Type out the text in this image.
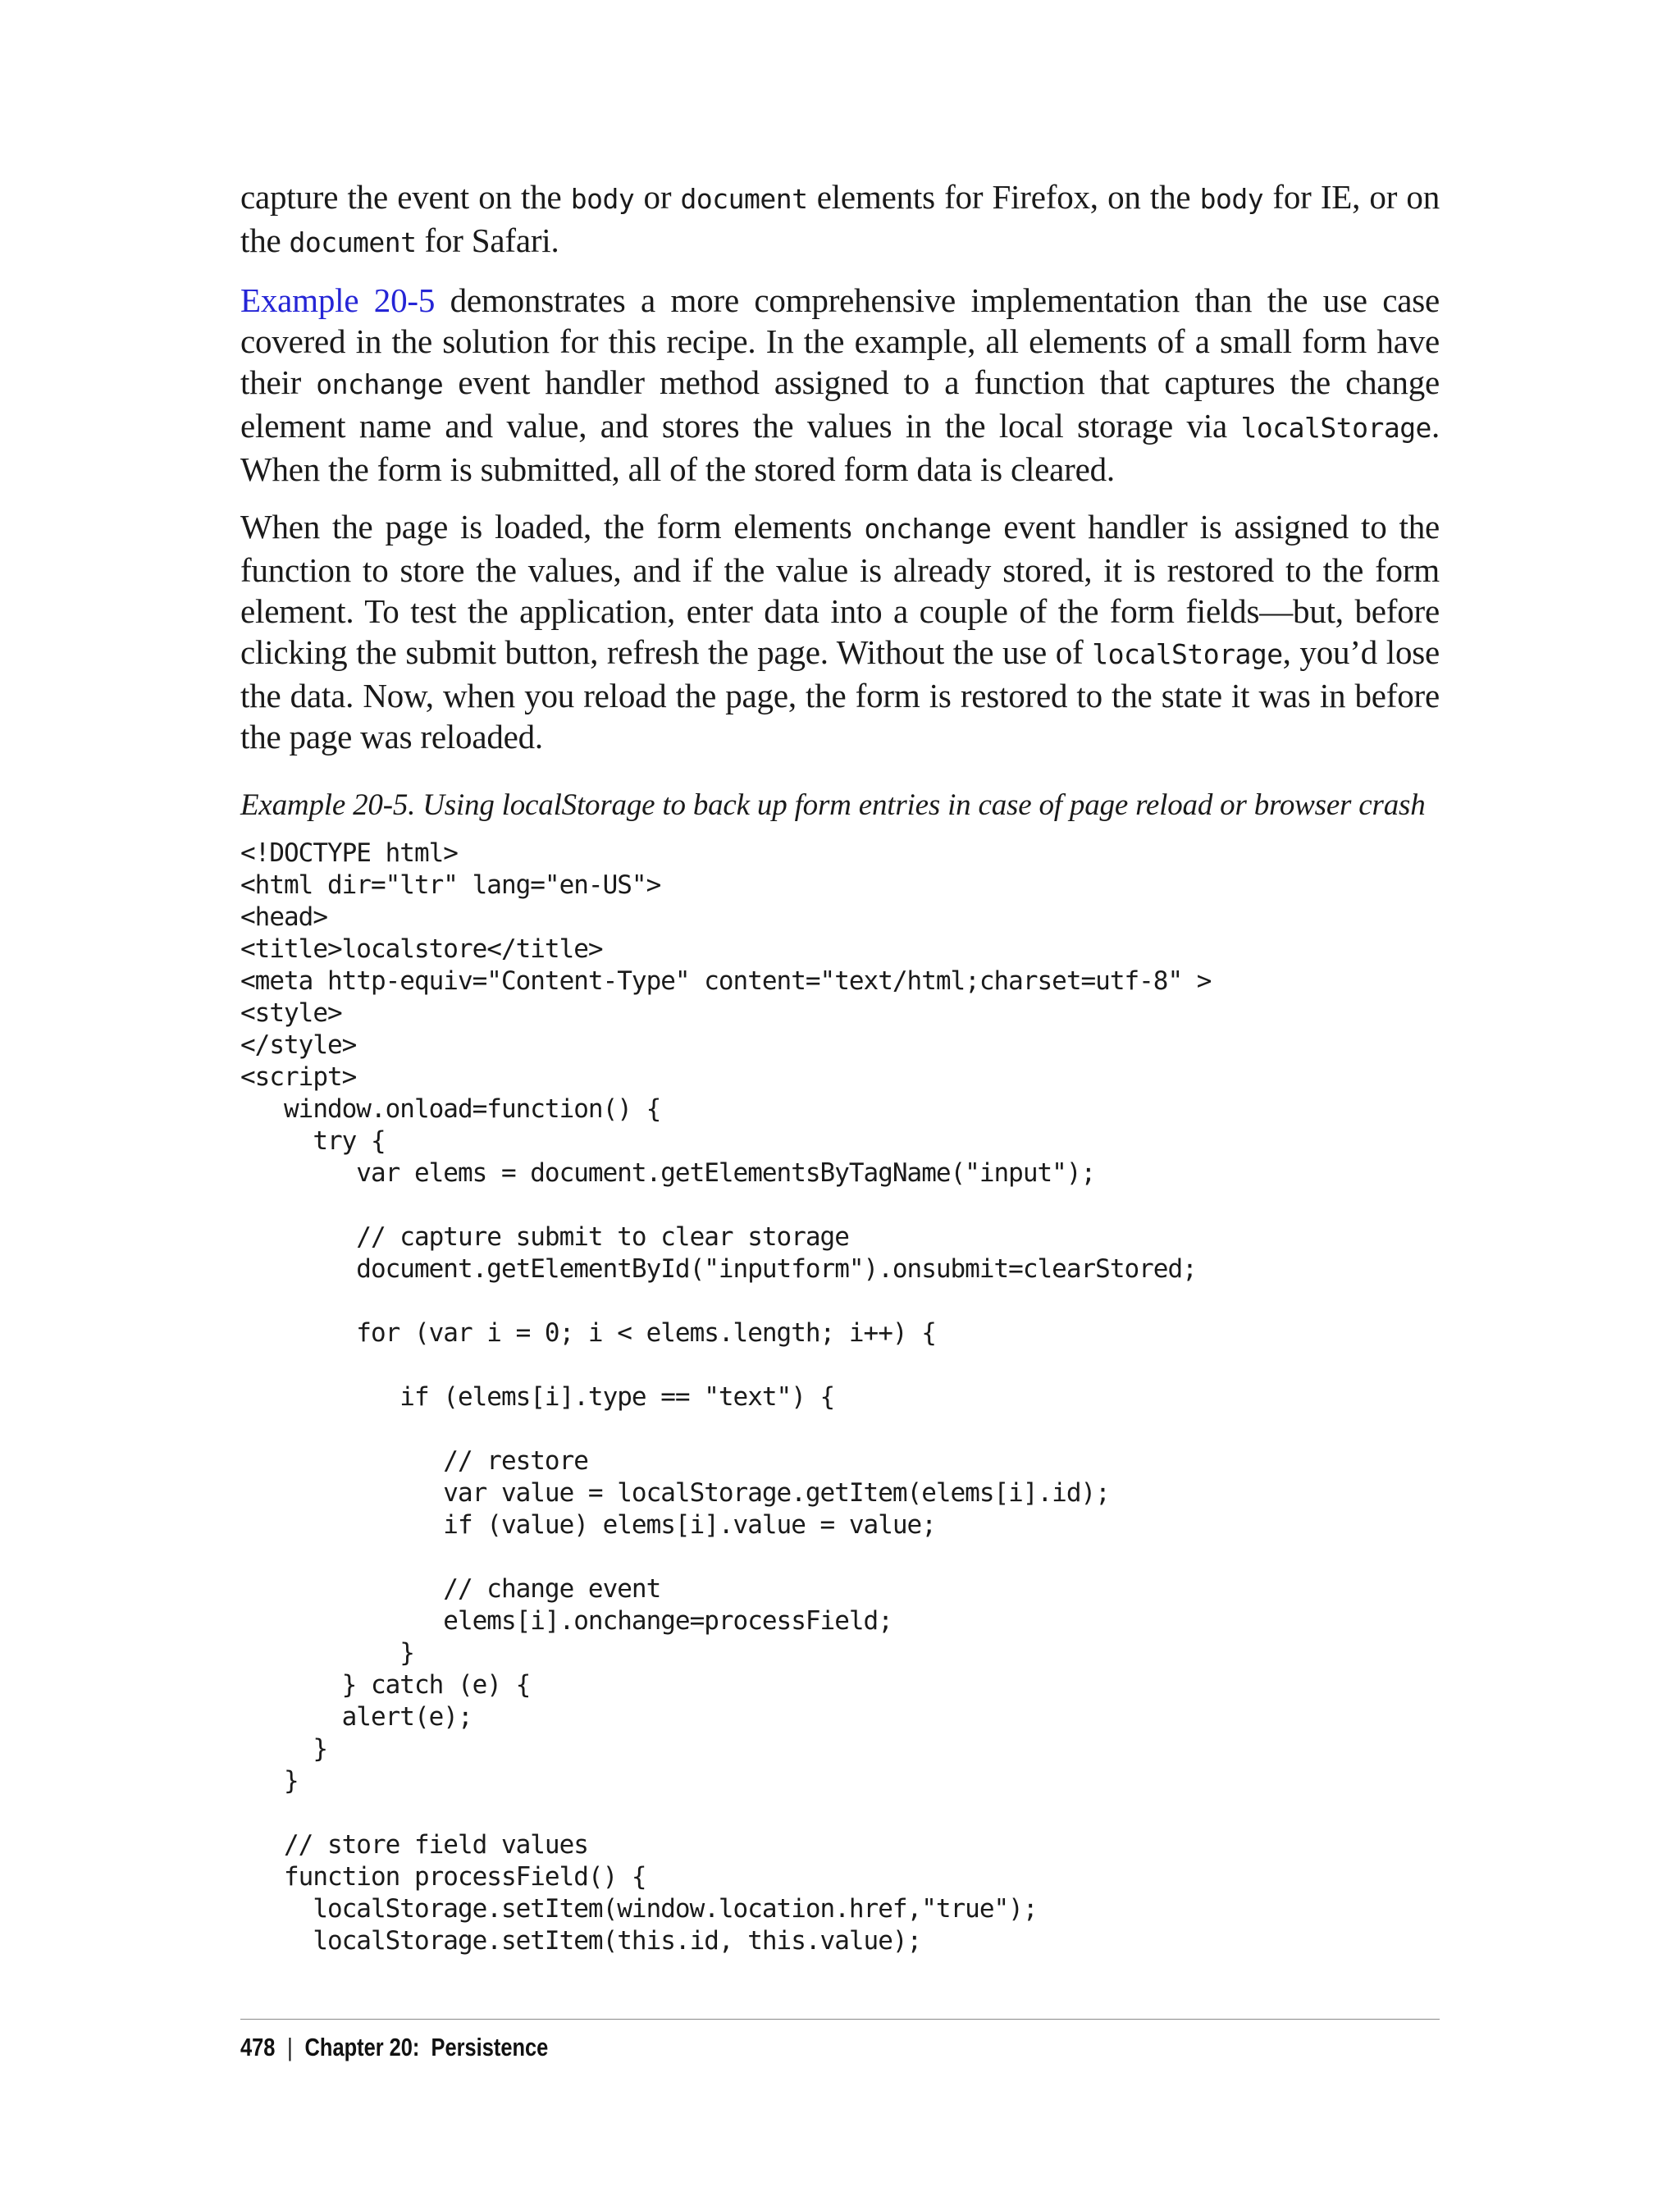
capture the event on the body or document elements for Firefox, on the body for IE, or on the document for Safari.

Example 20-5 demonstrates a more comprehensive implementation than the use case covered in the solution for this recipe. In the example, all elements of a small form have their onchange event handler method assigned to a function that captures the change element name and value, and stores the values in the local storage via localStorage. When the form is submitted, all of the stored form data is cleared.

When the page is loaded, the form elements onchange event handler is assigned to the function to store the values, and if the value is already stored, it is restored to the form element. To test the application, enter data into a couple of the form fields—but, before clicking the submit button, refresh the page. Without the use of localStorage, you’d lose the data. Now, when you reload the page, the form is restored to the state it was in before the page was reloaded.

Example 20-5. Using localStorage to back up form entries in case of page reload or browser crash
<!DOCTYPE html>
<html dir="ltr" lang="en-US">
<head>
<title>localstore</title>
<meta http-equiv="Content-Type" content="text/html;charset=utf-8" >
<style>
</style>
<script>
window.onload=function() {
try {
var elems = document.getElementsByTagName("input");
// capture submit to clear storage
document.getElementById("inputform").onsubmit=clearStored;
for (var i = 0; i < elems.length; i++) {
if (elems[i].type == "text") {
// restore
var value = localStorage.getItem(elems[i].id);
if (value) elems[i].value = value;
// change event
elems[i].onchange=processField;
}
} catch (e) {
alert(e);
}
}
// store field values
function processField() {
localStorage.setItem(window.location.href,"true");
localStorage.setItem(this.id, this.value);
478 | Chapter 20:  Persistence
